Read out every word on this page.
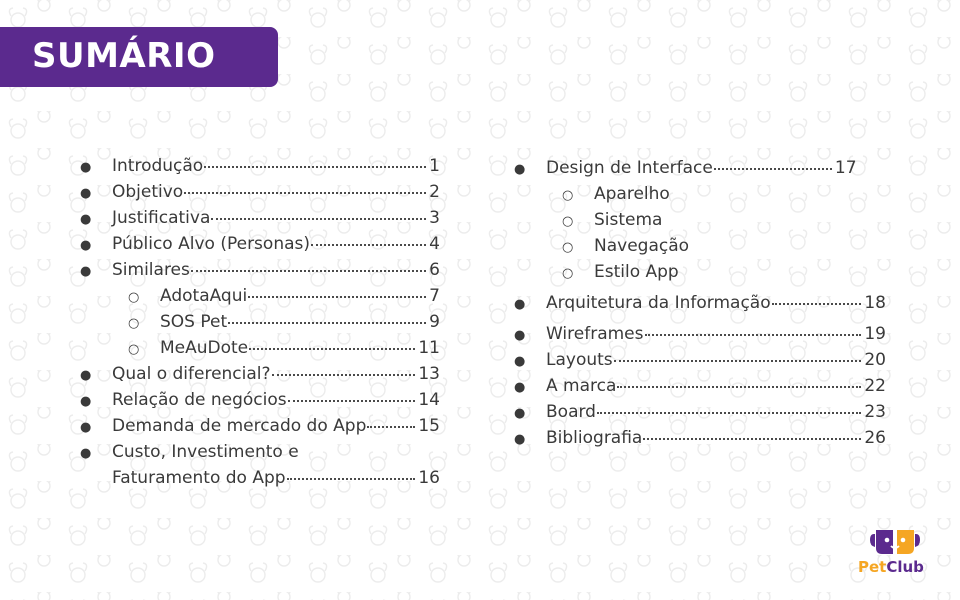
SUMÁRIO
●	Introdução	1
●	Objetivo	2
●	Justificativa	3
●	Público Alvo (Personas)	4
●	Similares	6
○	AdotaAqui	7
○	SOS Pet	9
○	MeAuDote	11
●	Qual o diferencial?	13
●	Relação de negócios	14
●	Demanda de mercado do App	15
●	Custo, Investimento e
Faturamento do App	16
●	Design de Interface	17
○	Aparelho
○	Sistema
○	Navegação
○	Estilo App
●	Arquitetura da Informação	18
●	Wireframes	19
●	Layouts	20
●	A marca	22
●	Board	23
●	Bibliografia	26
PetClub
